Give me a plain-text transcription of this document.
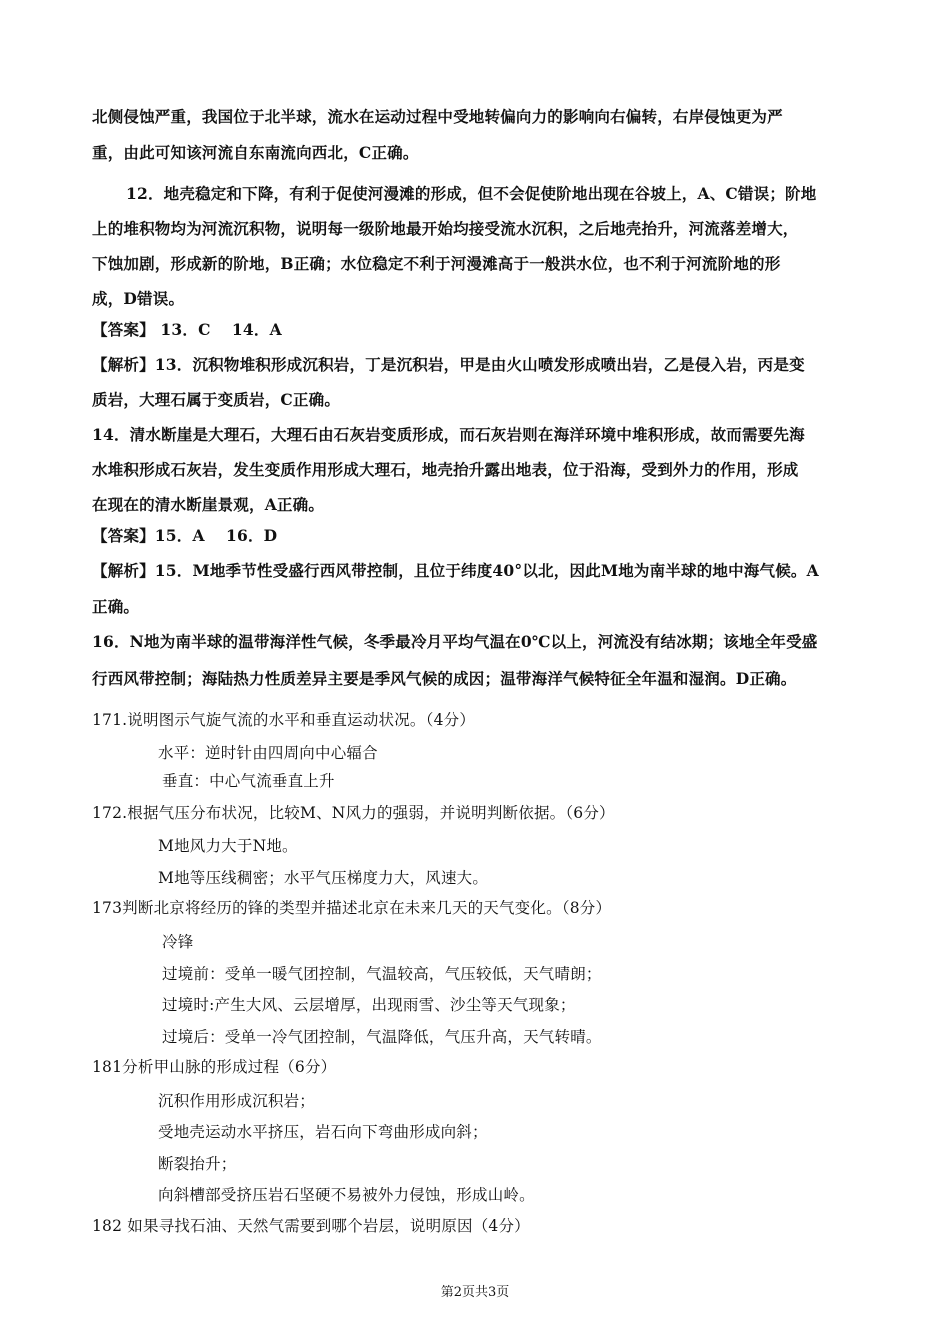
北侧侵蚀严重，我国位于北半球，流水在运动过程中受地转偏向力的影响向右偏转，右岸侵蚀更为严
重，由此可知该河流自东南流向西北，C正确。
12．地壳稳定和下降，有利于促使河漫滩的形成，但不会促使阶地出现在谷坡上，A、C错误；阶地
上的堆积物均为河流沉积物，说明每一级阶地最开始均接受流水沉积，之后地壳抬升，河流落差增大，
下蚀加剧，形成新的阶地，B正确；水位稳定不利于河漫滩高于一般洪水位，也不利于河流阶地的形
成，D错误。
【答案】 13．C　 14．A
【解析】13．沉积物堆积形成沉积岩，丁是沉积岩，甲是由火山喷发形成喷出岩，乙是侵入岩，丙是变
质岩，大理石属于变质岩，C正确。
14．清水断崖是大理石，大理石由石灰岩变质形成，而石灰岩则在海洋环境中堆积形成，故而需要先海
水堆积形成石灰岩，发生变质作用形成大理石，地壳抬升露出地表，位于沿海，受到外力的作用，形成
在现在的清水断崖景观，A正确。
【答案】15．A　 16．D
【解析】15．M地季节性受盛行西风带控制，且位于纬度40°以北，因此M地为南半球的地中海气候。A
正确。
16．N地为南半球的温带海洋性气候，冬季最冷月平均气温在0℃以上，河流没有结冰期；该地全年受盛
行西风带控制；海陆热力性质差异主要是季风气候的成因；温带海洋气候特征全年温和湿润。D正确。
171.说明图示气旋气流的水平和垂直运动状况。（4分）
水平：逆时针由四周向中心辐合
垂直：中心气流垂直上升
172.根据气压分布状况，比较M、N风力的强弱，并说明判断依据。（6分）
M地风力大于N地。
M地等压线稠密；水平气压梯度力大，风速大。
173判断北京将经历的锋的类型并描述北京在未来几天的天气变化。（8分）
冷锋
过境前：受单一暖气团控制，气温较高，气压较低，天气晴朗；
过境时:产生大风、云层增厚，出现雨雪、沙尘等天气现象；
过境后：受单一冷气团控制，气温降低，气压升高，天气转晴。
181分析甲山脉的形成过程（6分）
沉积作用形成沉积岩；
受地壳运动水平挤压，岩石向下弯曲形成向斜；
断裂抬升；
向斜槽部受挤压岩石坚硬不易被外力侵蚀，形成山岭。
182 如果寻找石油、天然气需要到哪个岩层，说明原因（4分）
第2页共3页
